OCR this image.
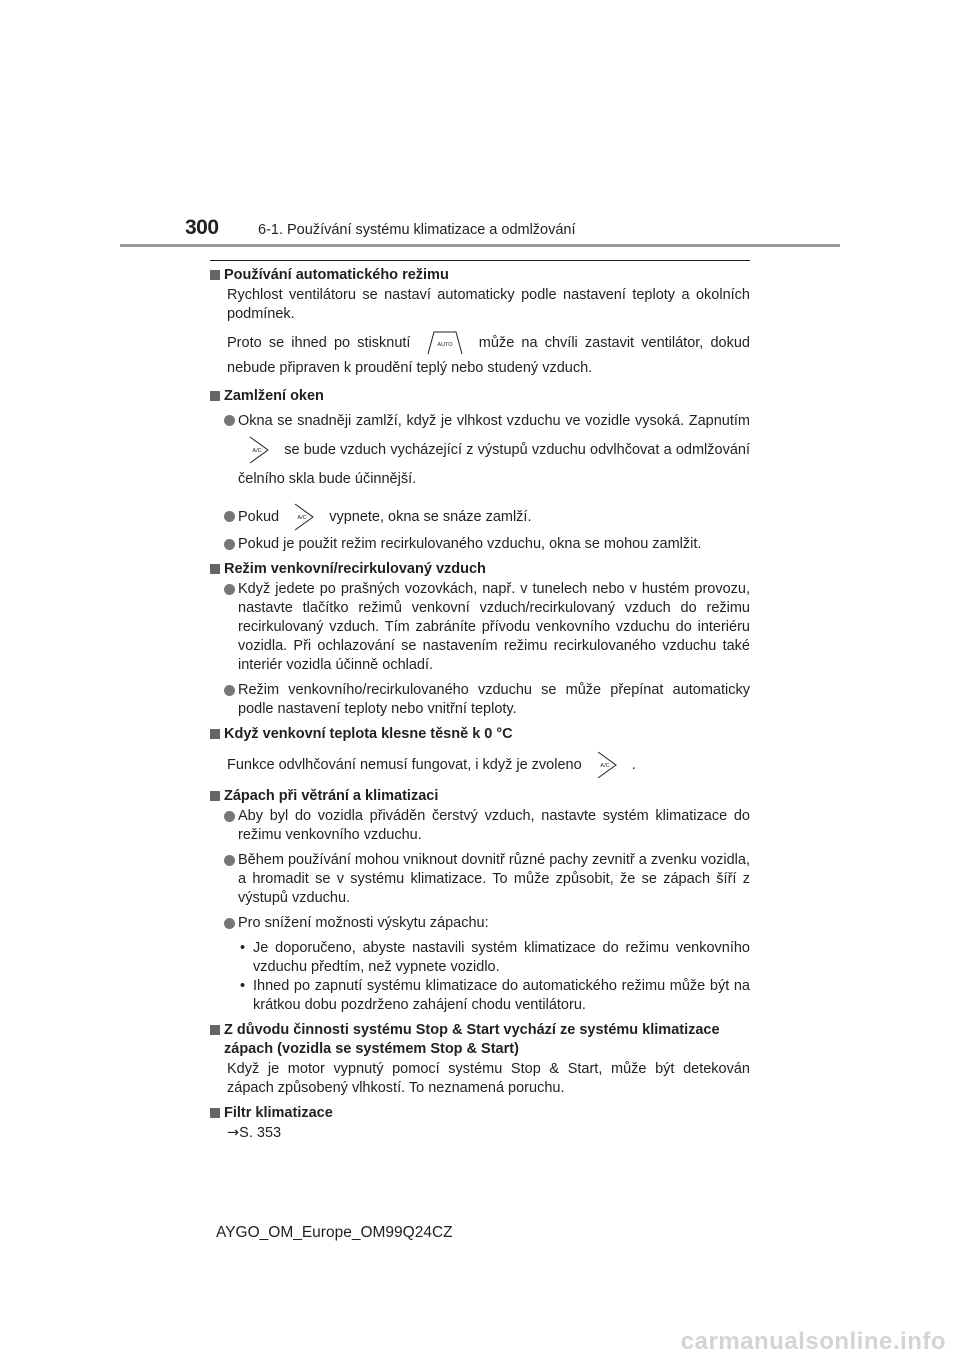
300	6-1. Používání systému klimatizace a odmlžování
Používání automatického režimu
Rychlost ventilátoru se nastaví automaticky podle nastavení teploty a okolních podmínek.
Proto se ihned po stisknutí	AUTO může na chvíli zastavit ventilátor, dokud nebude připraven k proudění teplý nebo studený vzduch.
Zamlžení oken
Okna se snadněji zamlží, když je vlhkost vzduchu ve vozidle vysoká. Zapnutím
A/C se bude vzduch vycházející z výstupů vzduchu odvlhčovat a odmlžování čelního skla bude účinnější.
Pokud	A/C vypnete, okna se snáze zamlží.
Pokud je použit režim recirkulovaného vzduchu, okna se mohou zamlžit.
Režim venkovní/recirkulovaný vzduch
Když jedete po prašných vozovkách, např. v tunelech nebo v hustém provozu, nastavte tlačítko režimů venkovní vzduch/recirkulovaný vzduch do režimu recirkulovaný vzduch. Tím zabráníte přívodu venkovního vzduchu do interiéru vozidla. Při ochlazování se nastavením režimu recirkulovaného vzduchu také interiér vozidla účinně ochladí.
Režim venkovního/recirkulovaného vzduchu se může přepínat automaticky podle nastavení teploty nebo vnitřní teploty.
Když venkovní teplota klesne těsně k 0 °C
Funkce odvlhčování nemusí fungovat, i když je zvoleno	A/C .
Zápach při větrání a klimatizaci
Aby byl do vozidla přiváděn čerstvý vzduch, nastavte systém klimatizace do režimu venkovního vzduchu.
Během používání mohou vniknout dovnitř různé pachy zevnitř a zvenku vozidla, a hromadit se v systému klimatizace. To může způsobit, že se zápach šíří z výstupů vzduchu.
Pro snížení možnosti výskytu zápachu:
• Je doporučeno, abyste nastavili systém klimatizace do režimu venkovního vzduchu předtím, než vypnete vozidlo.
• Ihned po zapnutí systému klimatizace do automatického režimu může být na krátkou dobu pozdrženo zahájení chodu ventilátoru.
Z důvodu činnosti systému Stop & Start vychází ze systému klimatizace zápach (vozidla se systémem Stop & Start)
Když je motor vypnutý pomocí systému Stop & Start, může být detekován zápach způsobený vlhkostí. To neznamená poruchu.
Filtr klimatizace
→S. 353
AYGO_OM_Europe_OM99Q24CZ
carmanualsonline.info
